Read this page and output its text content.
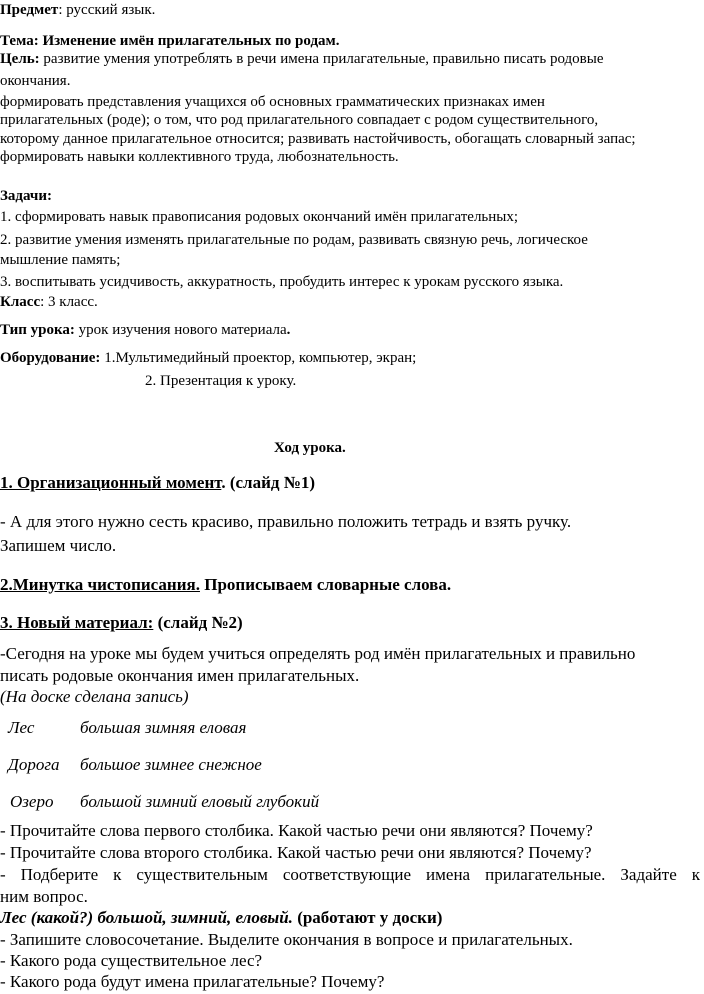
Предмет: русский язык.
Тема: Изменение имён прилагательных по родам.
Цель: развитие умения употреблять в речи имена прилагательные, правильно писать родовые
окончания.
формировать представления учащихся об основных грамматических признаках имен
прилагательных (роде); о том, что род прилагательного совпадает с родом существительного,
которому данное прилагательное относится; развивать настойчивость, обогащать словарный запас;
формировать навыки коллективного труда, любознательность.
Задачи:
1. сформировать навык правописания родовых окончаний имён прилагательных;
2. развитие умения изменять прилагательные по родам, развивать связную речь, логическое
мышление память;
3. воспитывать усидчивость, аккуратность, пробудить интерес к урокам русского языка.
Класс: 3 класс.
Тип урока: урок изучения нового материала.
Оборудование: 1.Мультимедийный проектор, компьютер, экран;
2. Презентация к уроку.
Ход урока.
1. Организационный момент. (слайд №1)
- А для этого нужно сесть красиво, правильно положить тетрадь и взять ручку.
Запишем число.
2.Минутка чистописания. Прописываем словарные слова.
3. Новый материал: (слайд №2)
-Сегодня на уроке мы будем учиться определять род имён прилагательных и правильно
писать родовые окончания имен прилагательных.
(На доске сделана запись)
Лес	большая зимняя еловая
Дорога большое зимнее снежное
Озеро большой зимний еловый глубокий
- Прочитайте слова первого столбика. Какой частью речи они являются? Почему?
- Прочитайте слова второго столбика. Какой частью речи они являются? Почему?
- Подберите к существительным соответствующие имена прилагательные. Задайте к
ним вопрос.
Лес (какой?) большой, зимний, еловый. (работают у доски)
- Запишите словосочетание. Выделите окончания в вопросе и прилагательных.
- Какого рода существительное лес?
- Какого рода будут имена прилагательные? Почему?
